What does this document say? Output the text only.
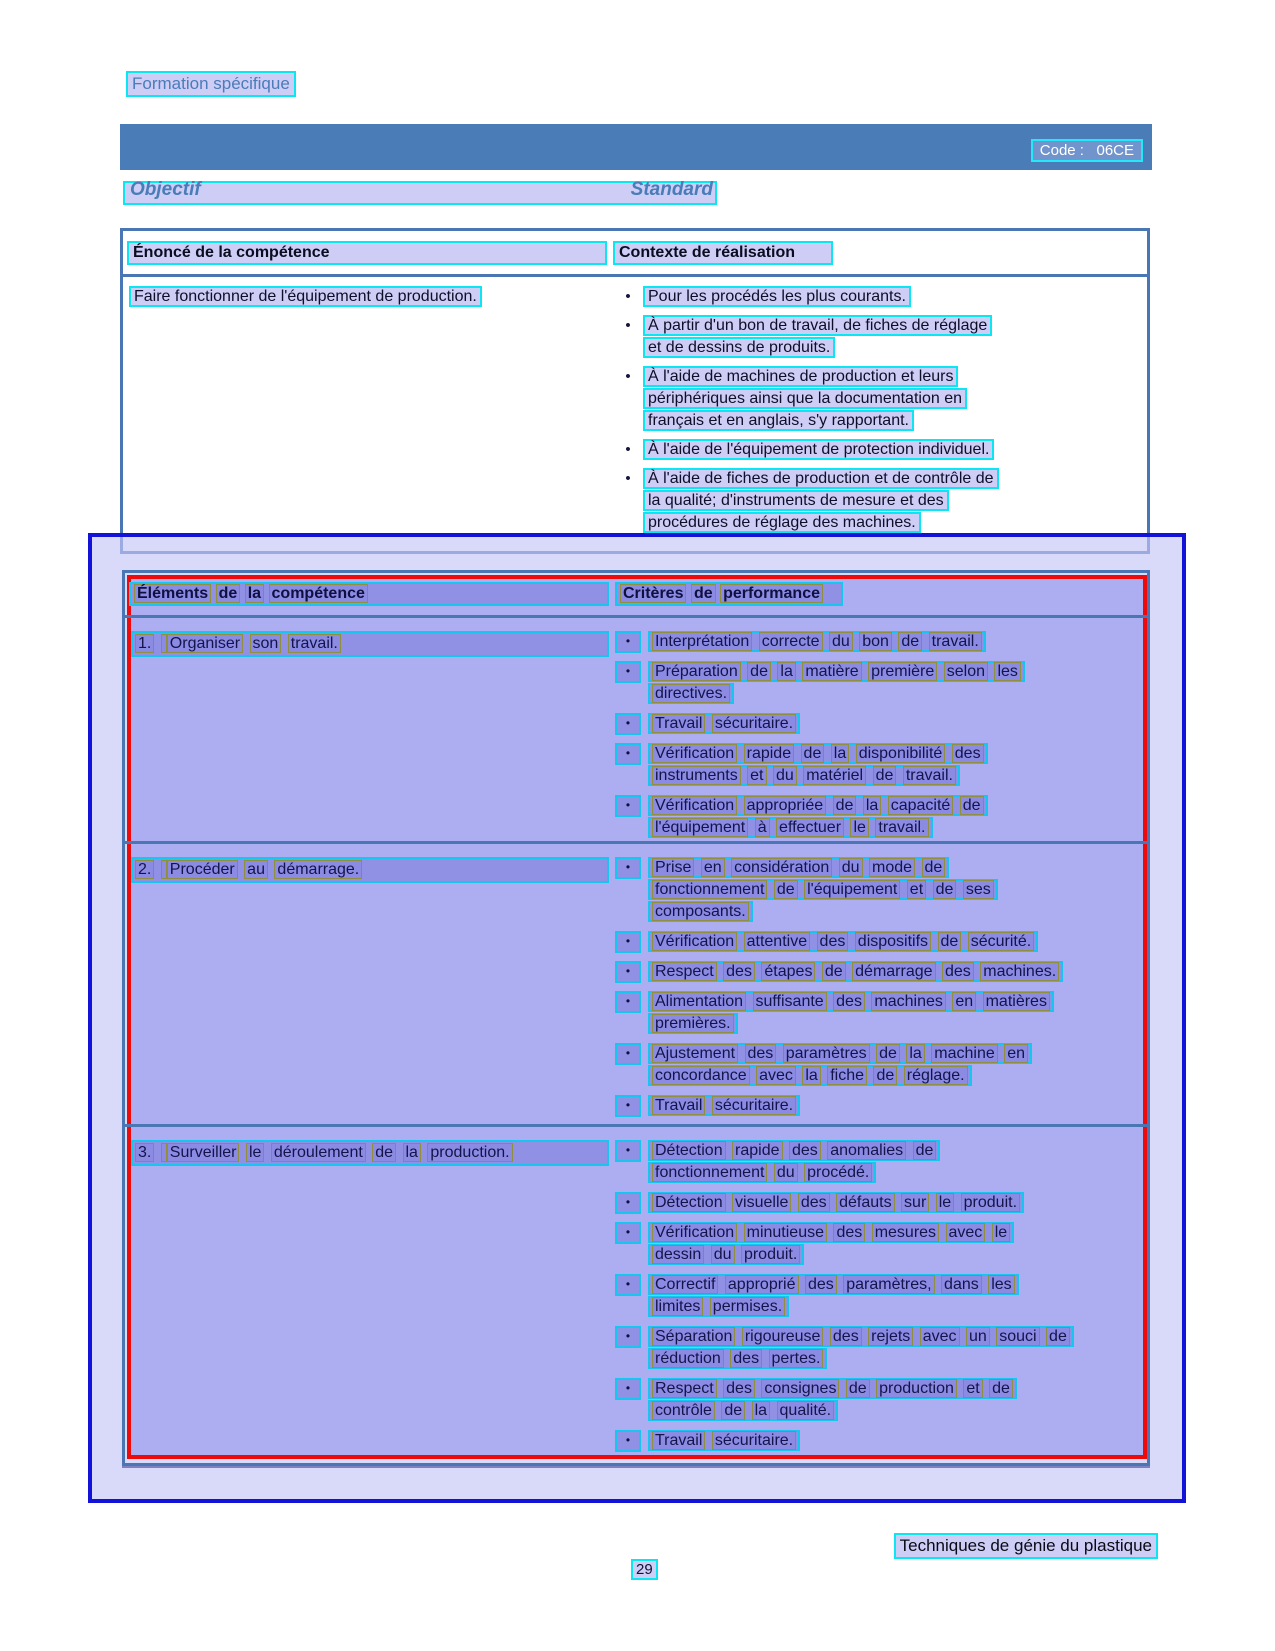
Formation spécifique
Code :   06CE
Objectif	Standard
Énoncé de la compétence	Contexte de réalisation
Faire fonctionner de l'équipement de production.	•	Pour les procédés les plus courants.
•	À partir d'un bon de travail, de fiches de réglage
et de dessins de produits.
•	À l'aide de machines de production et leurs
périphériques ainsi que la documentation en
français et en anglais, s'y rapportant.
•	À l'aide de l'équipement de protection individuel.
•	À l'aide de fiches de production et de contrôle de
la qualité; d'instruments de mesure et des
procédures de réglage des machines.
Éléments de la compétence	Critères de performance
1. Organiser son travail.	•	Interprétation correcte du bon de travail.
•	Préparation de la matière première selon les
directives.
•	Travail sécuritaire.
•	Vérification rapide de la disponibilité des
instruments et du matériel de travail.
•	Vérification appropriée de la capacité de
l'équipement à effectuer le travail.
2. Procéder au démarrage.	•	Prise en considération du mode de
fonctionnement de l'équipement et de ses
composants.
•	Vérification attentive des dispositifs de sécurité.
•	Respect des étapes de démarrage des machines.
•	Alimentation suffisante des machines en matières
premières.
•	Ajustement des paramètres de la machine en
concordance avec la fiche de réglage.
•	Travail sécuritaire.
3. Surveiller le déroulement de la production.	•	Détection rapide des anomalies de
fonctionnement du procédé.
•	Détection visuelle des défauts sur le produit.
•	Vérification minutieuse des mesures avec le
dessin du produit.
•	Correctif approprié des paramètres, dans les
limites permises.
•	Séparation rigoureuse des rejets avec un souci de
réduction des pertes.
•	Respect des consignes de production et de
contrôle de la qualité.
•	Travail sécuritaire.
Techniques de génie du plastique
29
